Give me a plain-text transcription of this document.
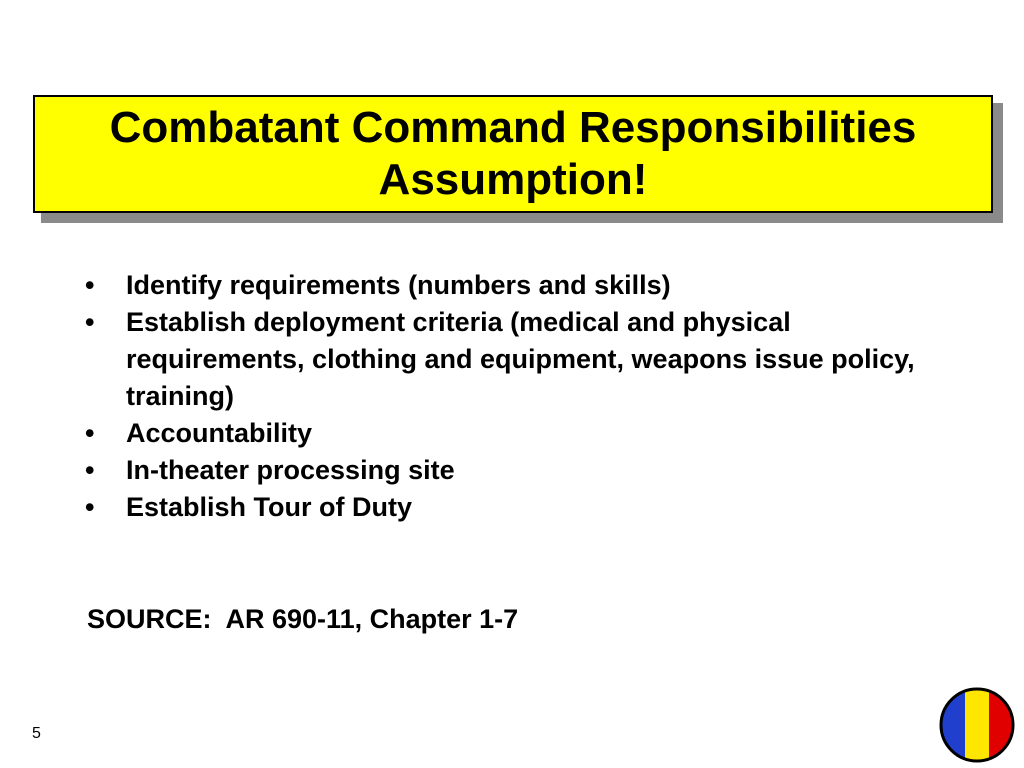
Combatant Command Responsibilities
Assumption!
• Identify requirements (numbers and skills)
• Establish deployment criteria (medical and physical requirements, clothing and equipment, weapons issue policy, training)
• Accountability
• In-theater processing site
• Establish Tour of Duty
SOURCE:  AR 690-11, Chapter 1-7
5
